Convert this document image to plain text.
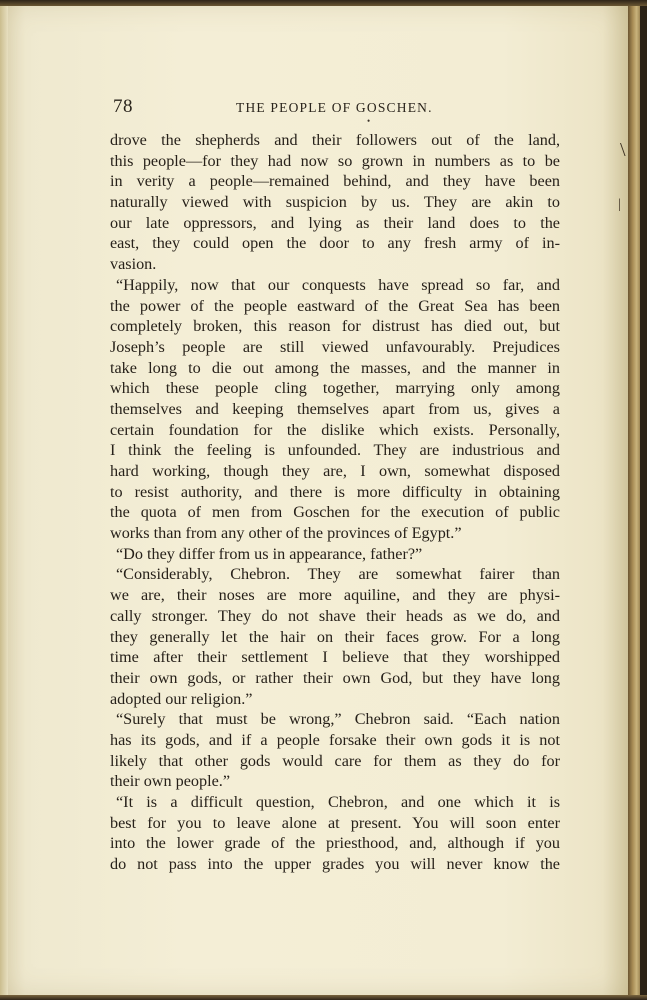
78	THE PEOPLE OF GOSCHEN.
•
drove the shepherds and their followers out of the land,
this people—for they had now so grown in numbers as to be
in verity a people—remained behind, and they have been
naturally viewed with suspicion by us. They are akin to
our late oppressors, and lying as their land does to the
east, they could open the door to any fresh army of in-
vasion.
“Happily, now that our conquests have spread so far, and
the power of the people eastward of the Great Sea has been
completely broken, this reason for distrust has died out, but
Joseph’s people are still viewed unfavourably. Prejudices
take long to die out among the masses, and the manner in
which these people cling together, marrying only among
themselves and keeping themselves apart from us, gives a
certain foundation for the dislike which exists. Personally,
I think the feeling is unfounded. They are industrious and
hard working, though they are, I own, somewhat disposed
to resist authority, and there is more difficulty in obtaining
the quota of men from Goschen for the execution of public
works than from any other of the provinces of Egypt.”
“Do they differ from us in appearance, father?”
“Considerably, Chebron. They are somewhat fairer than
we are, their noses are more aquiline, and they are physi-
cally stronger. They do not shave their heads as we do, and
they generally let the hair on their faces grow. For a long
time after their settlement I believe that they worshipped
their own gods, or rather their own God, but they have long
adopted our religion.”
“Surely that must be wrong,” Chebron said. “Each nation
has its gods, and if a people forsake their own gods it is not
likely that other gods would care for them as they do for
their own people.”
“It is a difficult question, Chebron, and one which it is
best for you to leave alone at present. You will soon enter
into the lower grade of the priesthood, and, although if you
do not pass into the upper grades you will never know the
\
|
